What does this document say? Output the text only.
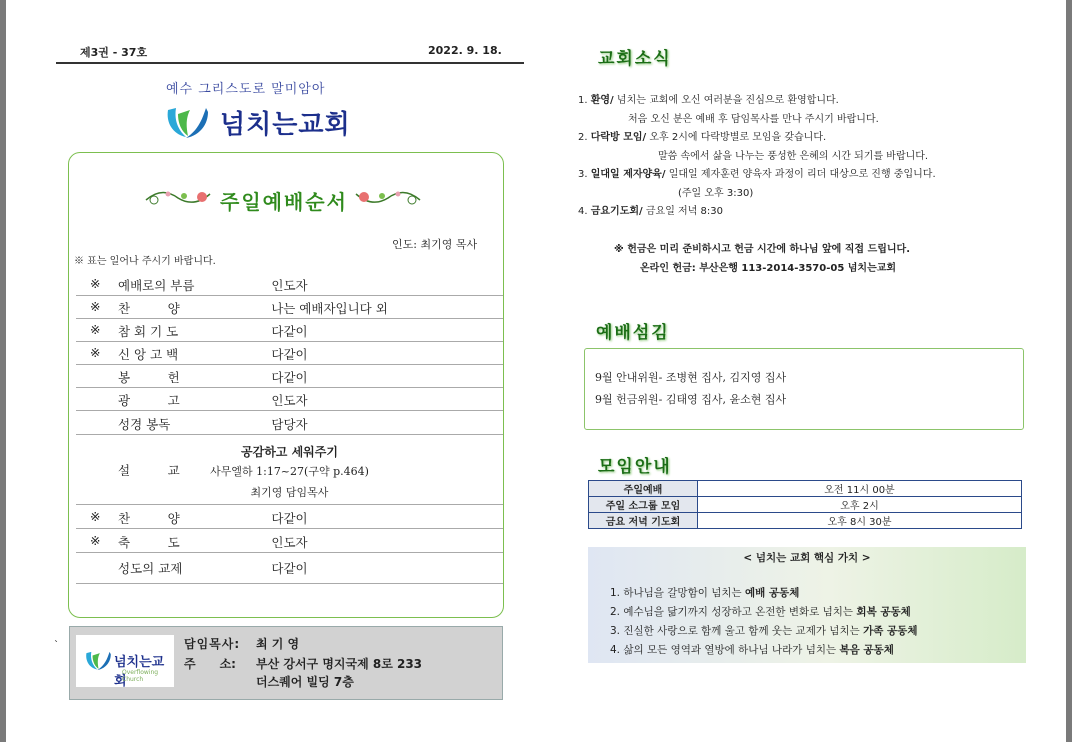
제3권 - 37호	2022. 9. 18.
예수 그리스도로 말미암아
넘치는교회
주일예배순서
인도: 최기영 목사
※ 표는 일어나 주시기 바랍니다.
※ 예배로의 부름	인도자
※ 찬　　　양	나는 예배자입니다 외
※ 참 회 기 도	다같이
※ 신 앙 고 백	다같이
봉　　　헌	다같이
광　　　고	인도자
성경 봉독	담당자
설　　　교
공감하고 세워주기
사무엘하 1:17~27(구약 p.464)
최기영 담임목사
※ 찬　　　양	다같이
※ 축　　　도	인도자
성도의 교제	다같이
`
넘치는교회
Overflowing Church
담임목사: 최 기 영
주　　소: 부산 강서구 명지국제 8로 233
더스퀘어 빌딩 7층
교회소식
1. 환영/ 넘치는 교회에 오신 여러분을 진심으로 환영합니다.
처음 오신 분은 예배 후 담임목사를 만나 주시기 바랍니다.
2. 다락방 모임/ 오후 2시에 다락방별로 모임을 갖습니다.
말씀 속에서 삶을 나누는 풍성한 은혜의 시간 되기를 바랍니다.
3. 일대일 제자양육/ 일대일 제자훈련 양육자 과정이 리더 대상으로 진행 중입니다.
(주일 오후 3:30)
4. 금요기도회/ 금요일 저녁 8:30
※ 헌금은 미리 준비하시고 헌금 시간에 하나님 앞에 직접 드립니다.
온라인 헌금: 부산은행 113-2014-3570-05 넘치는교회
예배섬김
9월 안내위원- 조병현 집사, 김지영 집사
9월 헌금위원- 김태영 집사, 윤소현 집사
모임안내
주일예배	오전 11시 00분
주일 소그룹 모임	오후 2시
금요 저녁 기도회	오후 8시 30분
< 넘치는 교회 핵심 가치 >
1. 하나님을 갈망함이 넘치는 예배 공동체
2. 예수님을 닮기까지 성장하고 온전한 변화로 넘치는 회복 공동체
3. 진실한 사랑으로 함께 울고 함께 웃는 교제가 넘치는 가족 공동체
4. 삶의 모든 영역과 열방에 하나님 나라가 넘치는 복음 공동체
